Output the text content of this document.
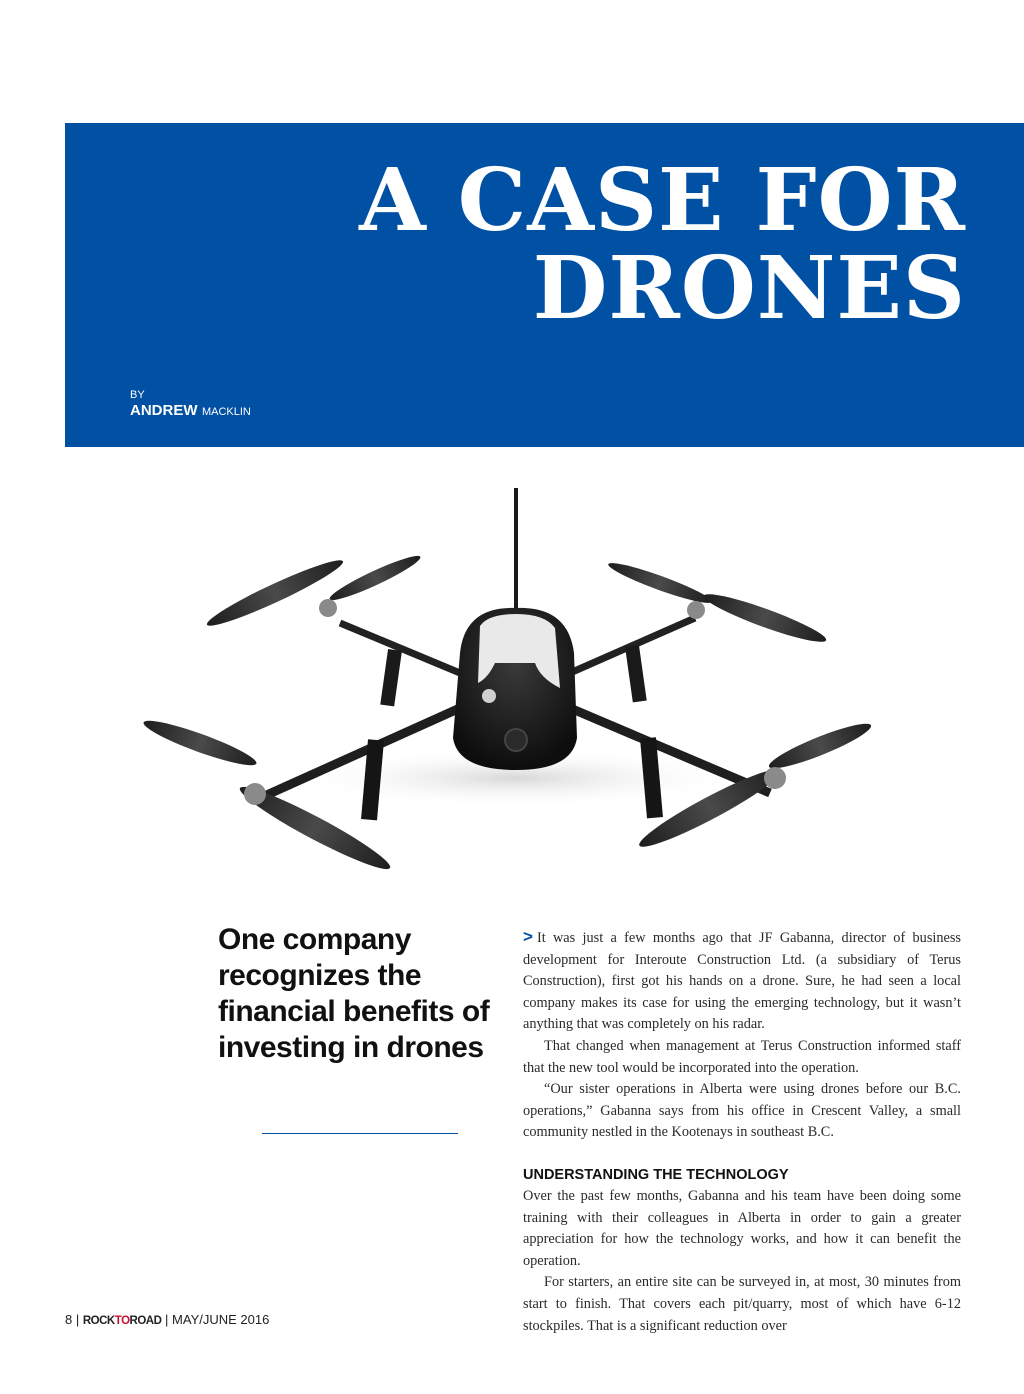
A CASE FOR
DRONES
BY
ANDREW MACKLIN
One company recognizes the financial benefits of investing in drones

> It was just a few months ago that JF Gabanna, director of business development for Interoute Construction Ltd. (a subsidiary of Terus Construction), first got his hands on a drone. Sure, he had seen a local company makes its case for using the emerging technology, but it wasn’t anything that was completely on his radar.

That changed when management at Terus Construction informed staff that the new tool would be incorporated into the operation.

“Our sister operations in Alberta were using drones before our B.C. operations,” Gabanna says from his office in Crescent Valley, a small community nestled in the Kootenays in southeast B.C.

UNDERSTANDING THE TECHNOLOGY

Over the past few months, Gabanna and his team have been doing some training with their colleagues in Alberta in order to gain a greater appreciation for how the technology works, and how it can benefit the operation.

For starters, an entire site can be surveyed in, at most, 30 minutes from start to finish. That covers each pit/quarry, most of which have 6-12 stockpiles. That is a significant reduction over

8 | ROCKTOROAD | MAY/JUNE 2016
